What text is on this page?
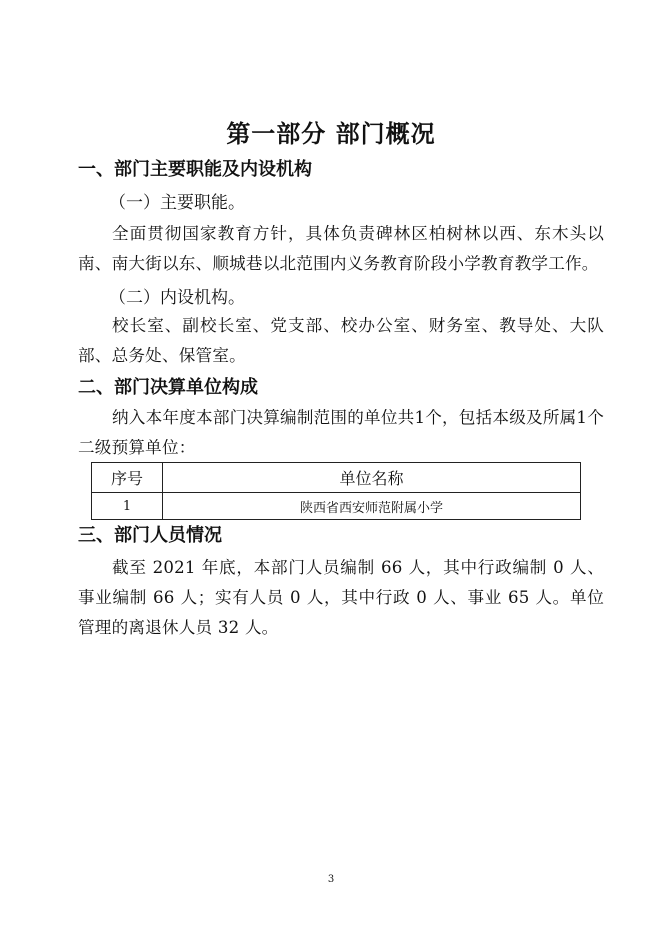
第一部分 部门概况
一、部门主要职能及内设机构
（一）主要职能。
全面贯彻国家教育方针，具体负责碑林区柏树林以西、东木头以南、南大街以东、顺城巷以北范围内义务教育阶段小学教育教学工作。
（二）内设机构。
校长室、副校长室、党支部、校办公室、财务室、教导处、大队部、总务处、保管室。
二、部门决算单位构成
纳入本年度本部门决算编制范围的单位共1个，包括本级及所属1个二级预算单位：
序号	单位名称
1	陕西省西安师范附属小学
三、部门人员情况
截至 2021 年底，本部门人员编制 66 人，其中行政编制 0 人、事业编制 66 人；实有人员 0 人，其中行政 0 人、事业 65 人。单位管理的离退休人员 32 人。
3
